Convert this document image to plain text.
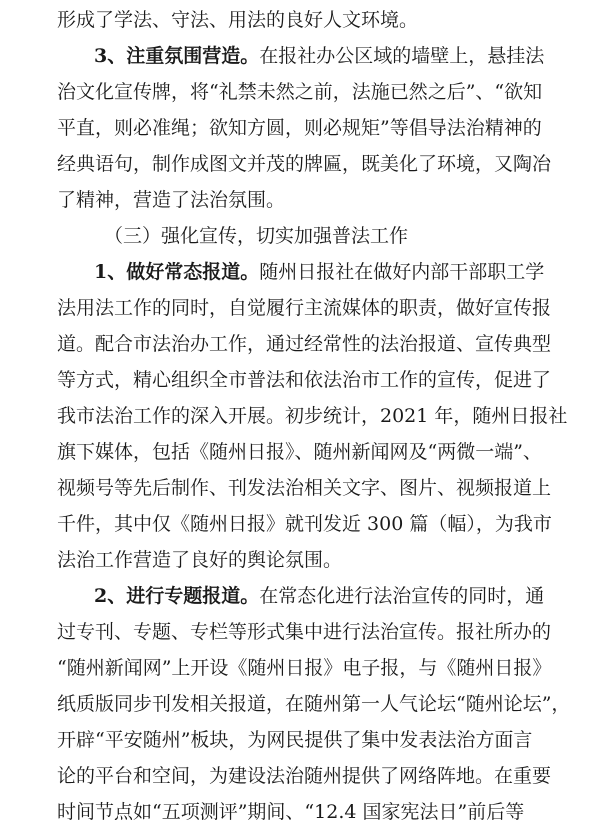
形成了学法、守法、用法的良好人文环境。
3、注重氛围营造。在报社办公区域的墙壁上，悬挂法
治文化宣传牌，将“礼禁未然之前，法施已然之后”、“欲知
平直，则必准绳；欲知方圆，则必规矩”等倡导法治精神的
经典语句，制作成图文并茂的牌匾，既美化了环境，又陶冶
了精神，营造了法治氛围。
（三）强化宣传，切实加强普法工作
1、做好常态报道。随州日报社在做好内部干部职工学
法用法工作的同时，自觉履行主流媒体的职责，做好宣传报
道。配合市法治办工作，通过经常性的法治报道、宣传典型
等方式，精心组织全市普法和依法治市工作的宣传，促进了
我市法治工作的深入开展。初步统计，2021 年，随州日报社
旗下媒体，包括《随州日报》、随州新闻网及“两微一端”、
视频号等先后制作、刊发法治相关文字、图片、视频报道上
千件，其中仅《随州日报》就刊发近 300 篇（幅），为我市
法治工作营造了良好的舆论氛围。
2、进行专题报道。在常态化进行法治宣传的同时，通
过专刊、专题、专栏等形式集中进行法治宣传。报社所办的
“随州新闻网”上开设《随州日报》电子报，与《随州日报》
纸质版同步刊发相关报道，在随州第一人气论坛“随州论坛”，
开辟“平安随州”板块，为网民提供了集中发表法治方面言
论的平台和空间，为建设法治随州提供了网络阵地。在重要
时间节点如“五项测评”期间、“12.4 国家宪法日”前后等
